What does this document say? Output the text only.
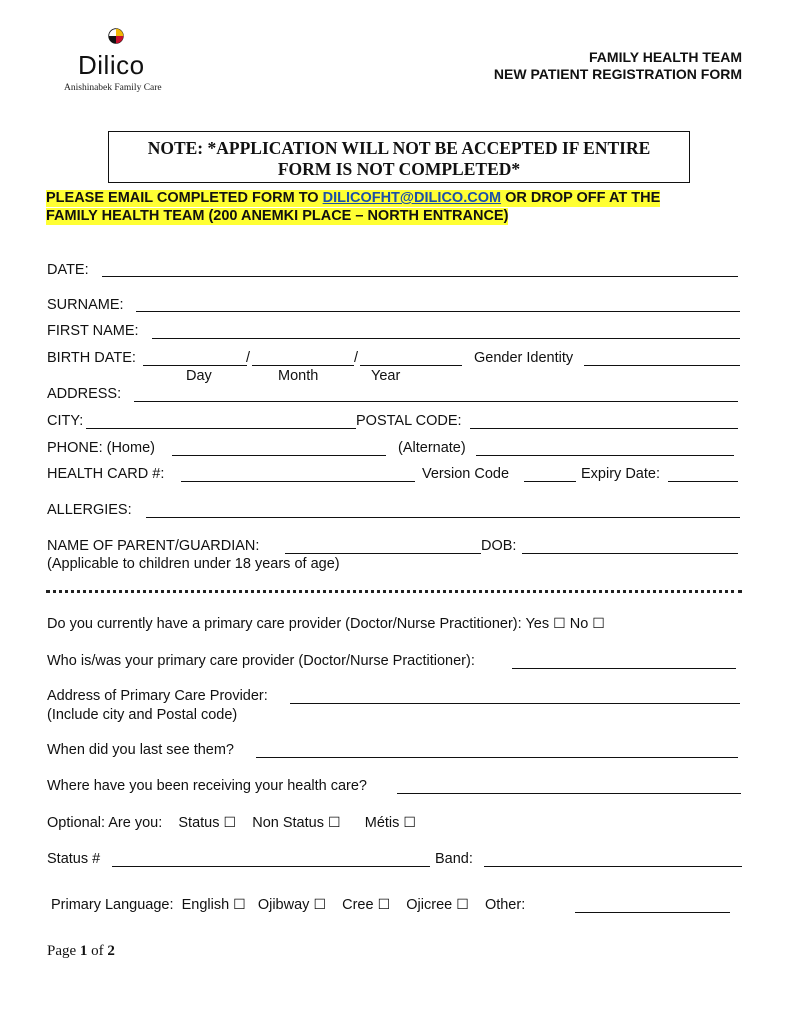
Dilico
Anishinabek Family Care
FAMILY HEALTH TEAM
NEW PATIENT REGISTRATION FORM
NOTE: *APPLICATION WILL NOT BE ACCEPTED IF ENTIRE
FORM IS NOT COMPLETED*
PLEASE EMAIL COMPLETED FORM TO DILICOFHT@DILICO.COM OR DROP OFF AT THE
FAMILY HEALTH TEAM (200 ANEMKI PLACE – NORTH ENTRANCE)
DATE:
SURNAME:
FIRST NAME:
BIRTH DATE:	/	/	Gender Identity
Day	Month	Year
ADDRESS:
CITY:	POSTAL CODE:
PHONE: (Home)	(Alternate)
HEALTH CARD #:	Version Code	Expiry Date:
ALLERGIES:
NAME OF PARENT/GUARDIAN:	DOB:
(Applicable to children under 18 years of age)
Do you currently have a primary care provider (Doctor/Nurse Practitioner): Yes ☐ No ☐
Who is/was your primary care provider (Doctor/Nurse Practitioner):
Address of Primary Care Provider:
(Include city and Postal code)
When did you last see them?
Where have you been receiving your health care?
Optional: Are you: Status ☐ Non Status ☐ Métis ☐
Status #	Band:
Primary Language: English ☐ Ojibway ☐ Cree ☐ Ojicree ☐ Other:
Page 1 of 2
